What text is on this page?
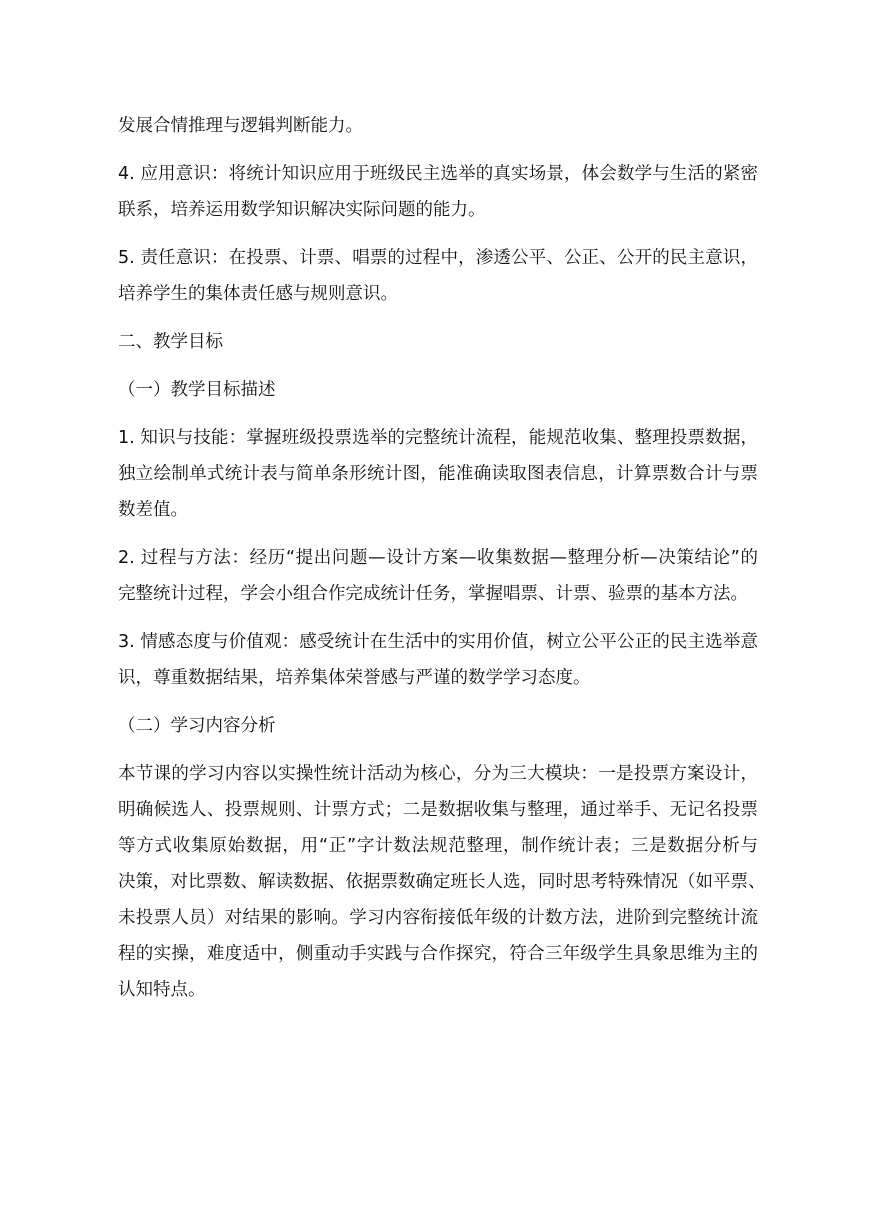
发展合情推理与逻辑判断能力。
4. 应用意识：将统计知识应用于班级民主选举的真实场景，体会数学与生活的紧密
联系，培养运用数学知识解决实际问题的能力。
5. 责任意识：在投票、计票、唱票的过程中，渗透公平、公正、公开的民主意识，
培养学生的集体责任感与规则意识。
二、教学目标
（一）教学目标描述
1. 知识与技能：掌握班级投票选举的完整统计流程，能规范收集、整理投票数据，
独立绘制单式统计表与简单条形统计图，能准确读取图表信息，计算票数合计与票
数差值。
2. 过程与方法：经历“提出问题—设计方案—收集数据—整理分析—决策结论”的
完整统计过程，学会小组合作完成统计任务，掌握唱票、计票、验票的基本方法。
3. 情感态度与价值观：感受统计在生活中的实用价值，树立公平公正的民主选举意
识，尊重数据结果，培养集体荣誉感与严谨的数学学习态度。
（二）学习内容分析
本节课的学习内容以实操性统计活动为核心，分为三大模块：一是投票方案设计，
明确候选人、投票规则、计票方式；二是数据收集与整理，通过举手、无记名投票
等方式收集原始数据，用“正”字计数法规范整理，制作统计表；三是数据分析与
决策，对比票数、解读数据、依据票数确定班长人选，同时思考特殊情况（如平票、
未投票人员）对结果的影响。学习内容衔接低年级的计数方法，进阶到完整统计流
程的实操，难度适中，侧重动手实践与合作探究，符合三年级学生具象思维为主的
认知特点。
